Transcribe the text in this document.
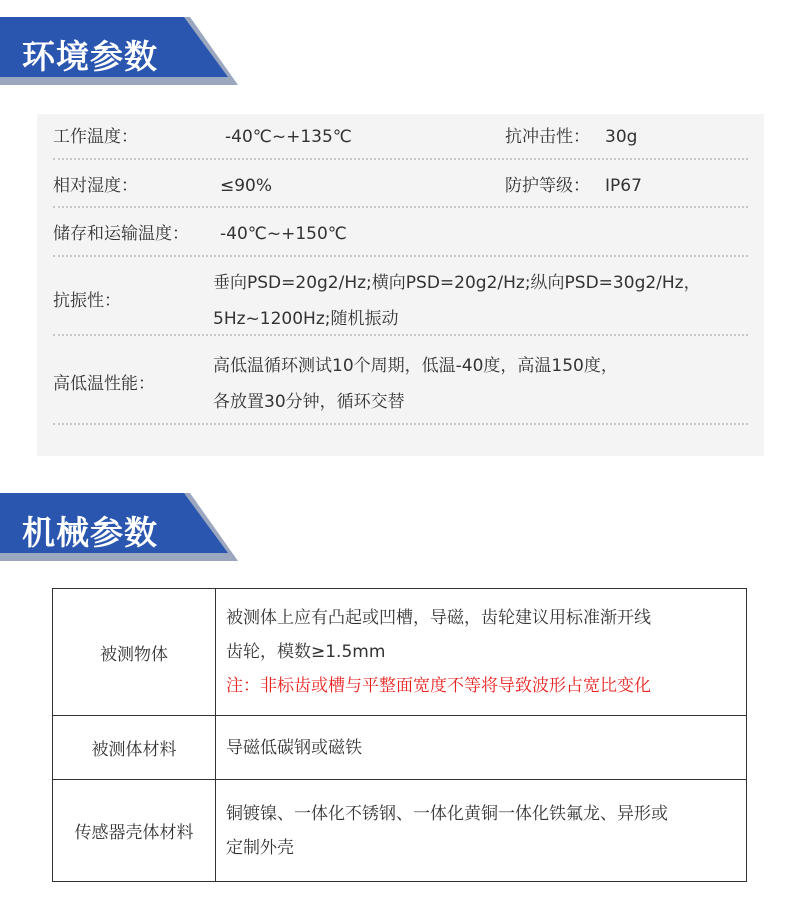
环境参数
工作温度：	-40℃~+135℃	抗冲击性： 30g
相对湿度：	≤90%	防护等级： IP67
储存和运输温度： -40℃~+150℃
抗振性：
垂向PSD=20g2/Hz;横向PSD=20g2/Hz;纵向PSD=30g2/Hz，
5Hz~1200Hz;随机振动
高低温性能：
高低温循环测试10个周期，低温-40度，高温150度，
各放置30分钟，循环交替
机械参数
被测物体	被测体上应有凸起或凹槽，导磁，齿轮建议用标准渐开线
齿轮，模数≥1.5mm
注：非标齿或槽与平整面宽度不等将导致波形占宽比变化

被测体材料	导磁低碳钢或磁铁

传感器壳体材料	铜镀镍、一体化不锈钢、一体化黄铜一体化铁氟龙、异形或
定制外壳
